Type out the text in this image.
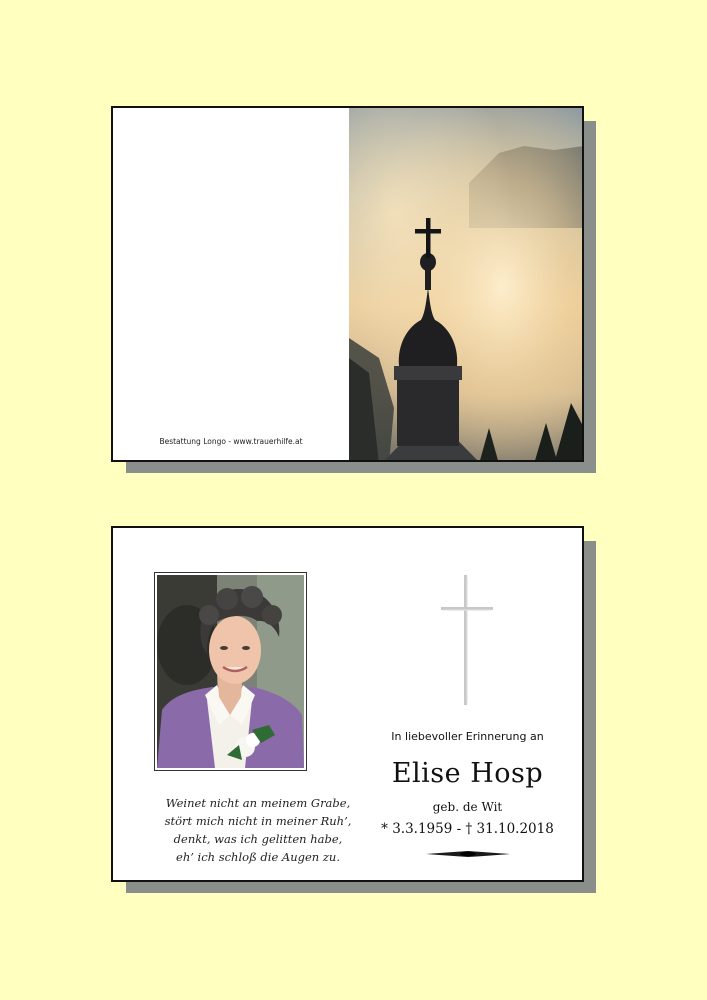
Bestattung Longo - www.trauerhilfe.at
Weinet nicht an meinem Grabe,
stört mich nicht in meiner Ruh’,
denkt, was ich gelitten habe,
eh’ ich schloß die Augen zu.
In liebevoller Erinnerung an
Elise Hosp
geb. de Wit
* 3.3.1959 - † 31.10.2018
